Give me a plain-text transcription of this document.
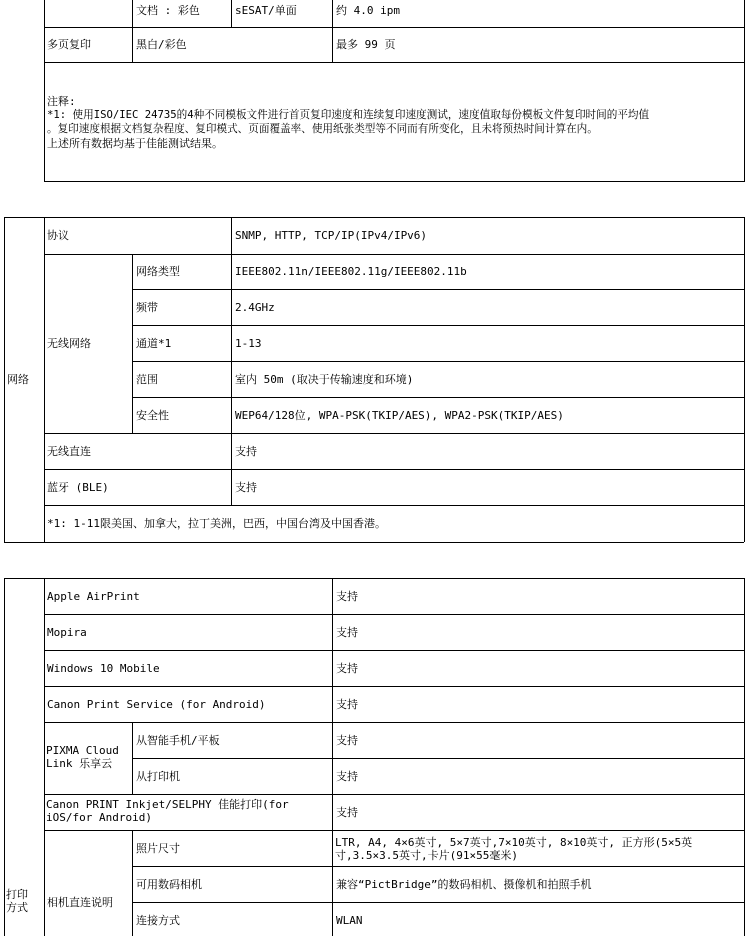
文档 : 彩色	sESAT/单面	约 4.0 ipm
多页复印	黑白/彩色	最多 99 页
注释:
*1: 使用ISO/IEC 24735的4种不同模板文件进行首页复印速度和连续复印速度测试，速度值取每份模板文件复印时间的平均值
。复印速度根据文档复杂程度、复印模式、页面覆盖率、使用纸张类型等不同而有所变化，且未将预热时间计算在内。
上述所有数据均基于佳能测试结果。
网络
协议	SNMP, HTTP, TCP/IP(IPv4/IPv6)
无线网络
网络类型	IEEE802.11n/IEEE802.11g/IEEE802.11b
频带	2.4GHz
通道*1	1-13
范围	室内 50m (取决于传输速度和环境)
安全性	WEP64/128位, WPA-PSK(TKIP/AES), WPA2-PSK(TKIP/AES)
无线直连	支持
蓝牙 (BLE)	支持
*1: 1-11限美国、加拿大，拉丁美洲，巴西，中国台湾及中国香港。
打印方式
Apple AirPrint	支持
Mopira	支持
Windows 10 Mobile	支持
Canon Print Service (for Android)	支持
PIXMA Cloud Link 乐享云
从智能手机/平板	支持
从打印机	支持
Canon PRINT Inkjet/SELPHY 佳能打印(for iOS/for Android)	支持
相机直连说明
照片尺寸	LTR, A4, 4×6英寸, 5×7英寸,7×10英寸, 8×10英寸, 正方形(5×5英寸,3.5×3.5英寸,卡片(91×55毫米)
可用数码相机	兼容“PictBridge”的数码相机、摄像机和拍照手机
连接方式	WLAN
